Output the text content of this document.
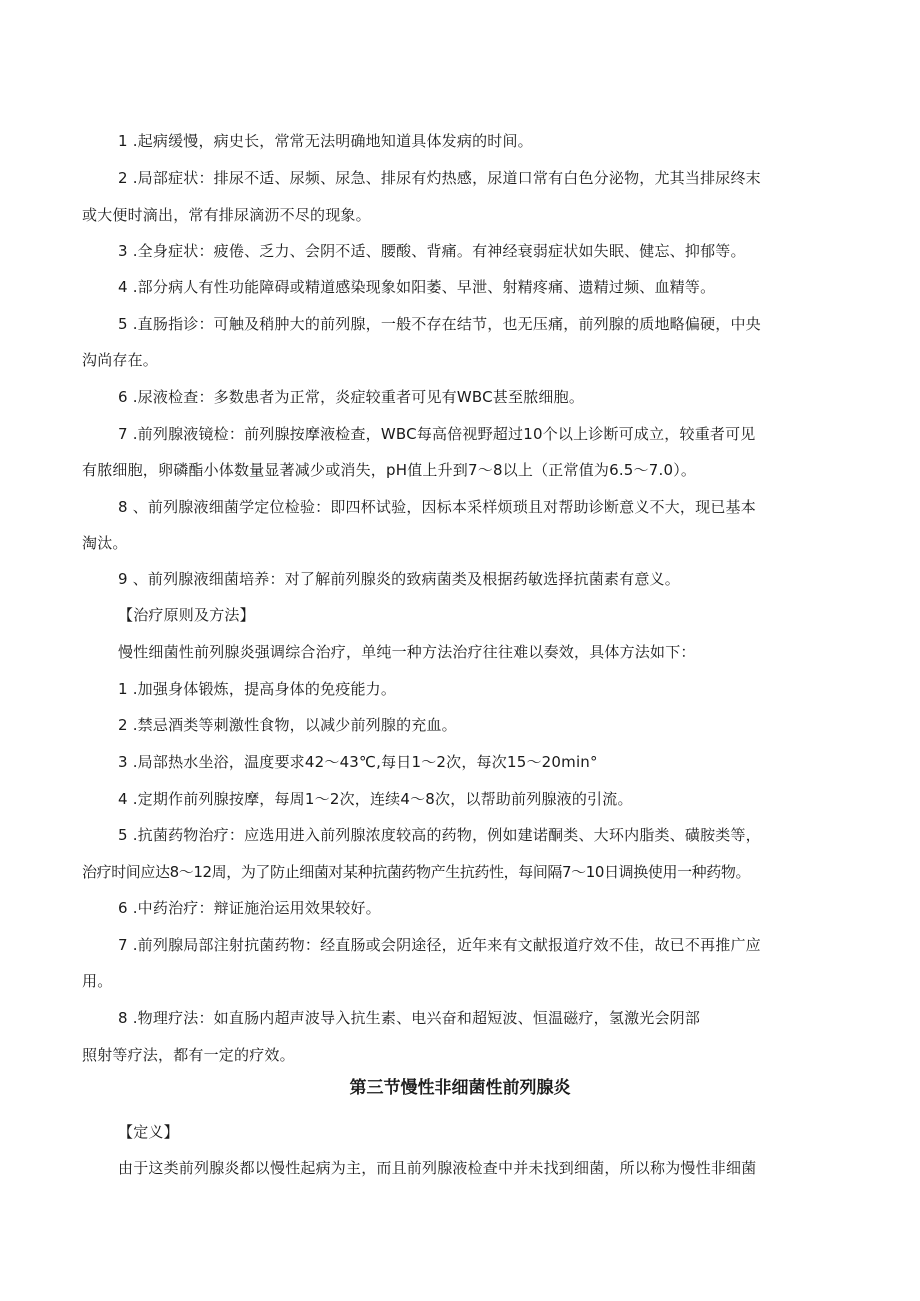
1 .起病缓慢，病史长，常常无法明确地知道具体发病的时间。
2 .局部症状：排尿不适、尿频、尿急、排尿有灼热感，尿道口常有白色分泌物，尤其当排尿终末
或大便时滴出，常有排尿滴沥不尽的现象。
3 .全身症状：疲倦、乏力、会阴不适、腰酸、背痛。有神经衰弱症状如失眠、健忘、抑郁等。
4 .部分病人有性功能障碍或精道感染现象如阳萎、早泄、射精疼痛、遗精过频、血精等。
5 .直肠指诊：可触及稍肿大的前列腺，一般不存在结节，也无压痛，前列腺的质地略偏硬，中央
沟尚存在。
6 .尿液检查：多数患者为正常，炎症较重者可见有WBC甚至脓细胞。
7 .前列腺液镜检：前列腺按摩液检查，WBC每高倍视野超过10个以上诊断可成立，较重者可见
有脓细胞，卵磷酯小体数量显著减少或消失，pH值上升到7～8以上（正常值为6.5～7.0）。
8 、前列腺液细菌学定位检验：即四杯试验，因标本采样烦琐且对帮助诊断意义不大，现已基本
淘汰。
9 、前列腺液细菌培养：对了解前列腺炎的致病菌类及根据药敏选择抗菌素有意义。
【治疗原则及方法】
慢性细菌性前列腺炎强调综合治疗，单纯一种方法治疗往往难以奏效，具体方法如下：
1 .加强身体锻炼，提高身体的免疫能力。
2 .禁忌酒类等刺激性食物，以减少前列腺的充血。
3 .局部热水坐浴，温度要求42～43℃,每日1～2次，每次15～20min°
4 .定期作前列腺按摩，每周1～2次，连续4～8次，以帮助前列腺液的引流。
5 .抗菌药物治疗：应选用进入前列腺浓度较高的药物，例如建诺酮类、大环内脂类、磺胺类等，
治疗时间应达8～12周，为了防止细菌对某种抗菌药物产生抗药性，每间隔7～10日调换使用一种药物。
6 .中药治疗：辩证施治运用效果较好。
7 .前列腺局部注射抗菌药物：经直肠或会阴途径，近年来有文献报道疗效不佳，故已不再推广应
用。
8 .物理疗法：如直肠内超声波导入抗生素、电兴奋和超短波、恒温磁疗，氢激光会阴部
照射等疗法，都有一定的疗效。
第三节慢性非细菌性前列腺炎
【定义】
由于这类前列腺炎都以慢性起病为主，而且前列腺液检查中并未找到细菌，所以称为慢性非细菌
